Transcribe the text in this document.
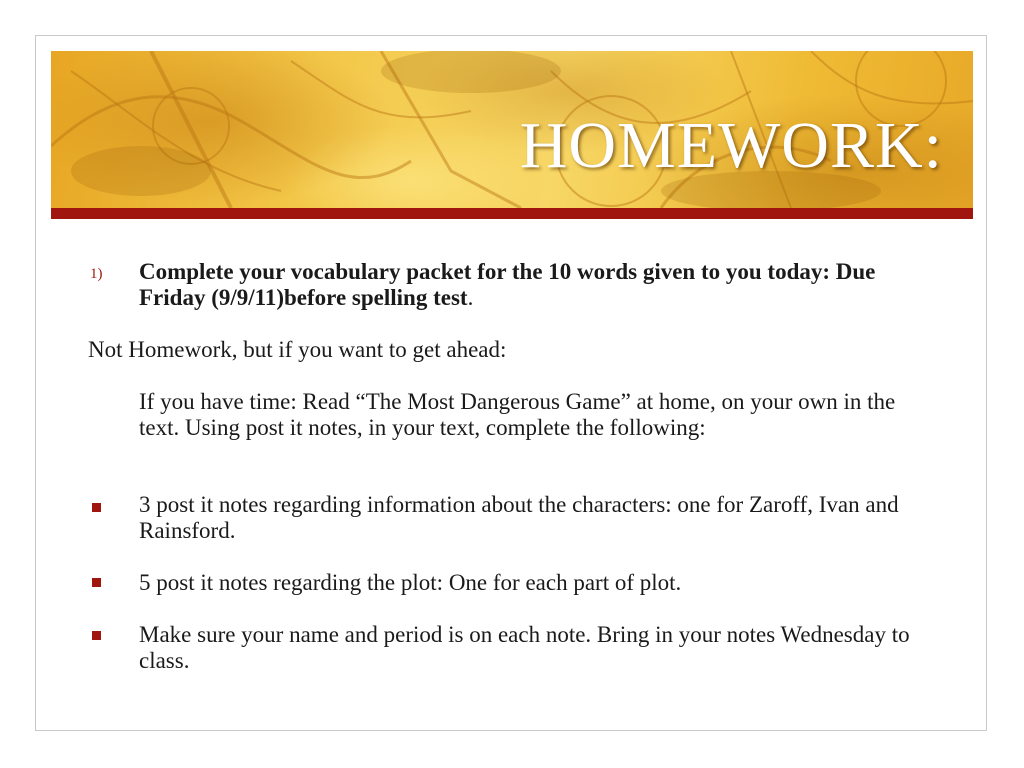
HOMEWORK:
1) Complete your vocabulary packet for the 10 words given to you today: Due Friday (9/9/11)before spelling test.
Not Homework, but if you want to get ahead:
If you have time: Read “The Most Dangerous Game” at home, on your own in the text. Using post it notes, in your text, complete the following:
3 post it notes regarding information about the characters: one for Zaroff, Ivan and Rainsford.
5 post it notes regarding the plot: One for each part of plot.
Make sure your name and period is on each note. Bring in your notes Wednesday to class.
